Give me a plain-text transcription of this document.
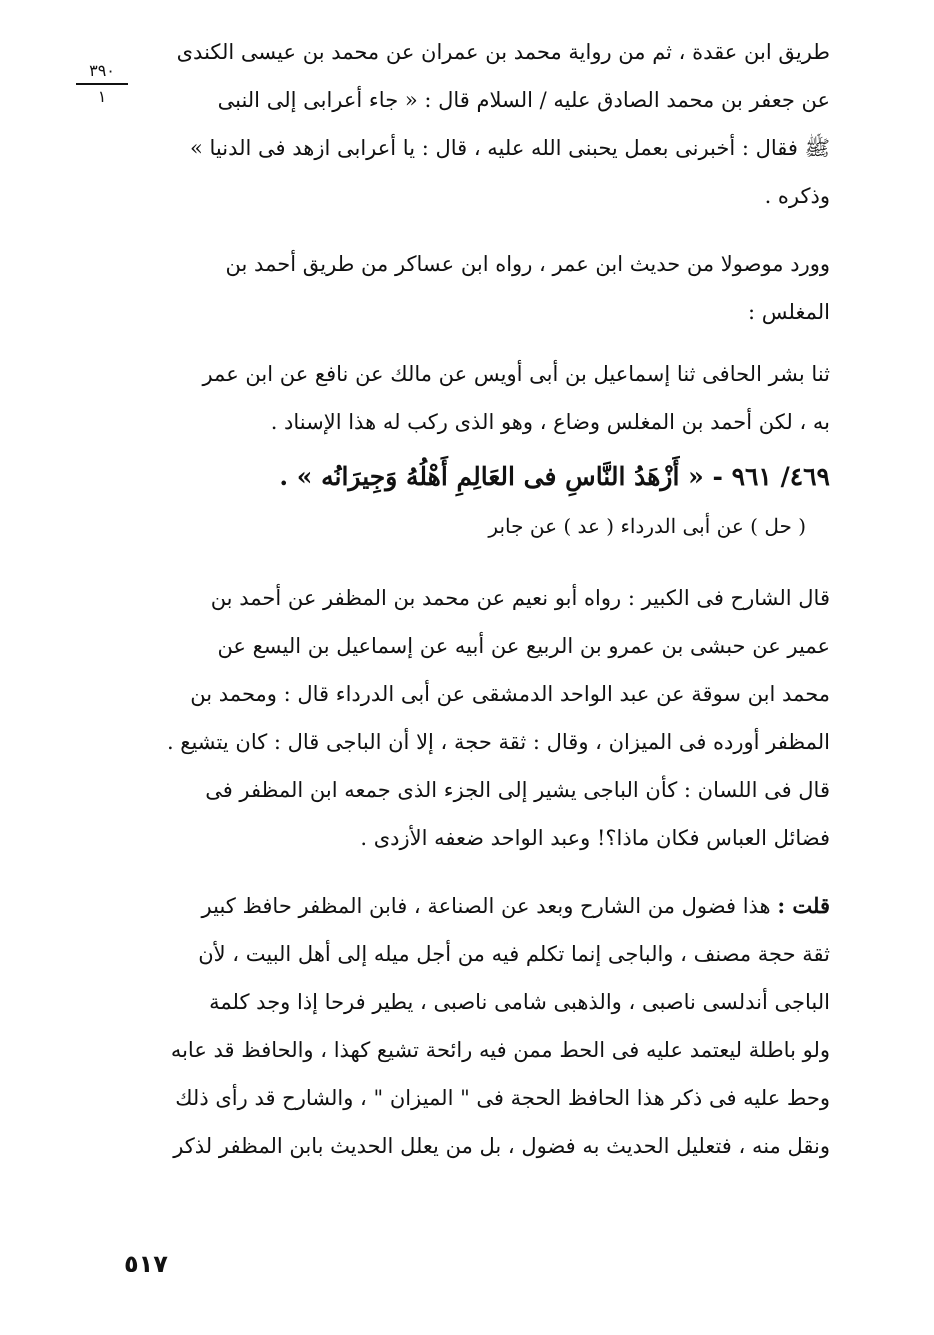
٣٩٠
١
طريق ابن عقدة ، ثم من رواية محمد بن عمران عن محمد بن عيسى الكندى
عن جعفر بن محمد الصادق عليه / السلام قال : « جاء أعرابى إلى النبى
ﷺ فقال : أخبرنى بعمل يحبنى الله عليه ، قال : يا أعرابى ازهد فى الدنيا »
وذكره .
وورد موصولا من حديث ابن عمر ، رواه ابن عساكر من طريق أحمد بن
المغلس :
ثنا بشر الحافى ثنا إسماعيل بن أبى أويس عن مالك عن نافع عن ابن عمر
به ، لكن أحمد بن المغلس وضاع ، وهو الذى ركب له هذا الإسناد .
٤٦٩/ ٩٦١ - « أَزْهَدُ النَّاسِ فى العَالِمِ أَهْلُهُ وَجِيرَانُه » .
( حل ) عن أبى الدرداء ( عد ) عن جابر
قال الشارح فى الكبير : رواه أبو نعيم عن محمد بن المظفر عن أحمد بن
عمير عن حبشى بن عمرو بن الربيع عن أبيه عن إسماعيل بن اليسع عن
محمد ابن سوقة عن عبد الواحد الدمشقى عن أبى الدرداء قال : ومحمد بن
المظفر أورده فى الميزان ، وقال : ثقة حجة ، إلا أن الباجى قال : كان يتشيع .
قال فى اللسان : كأن الباجى يشير إلى الجزء الذى جمعه ابن المظفر فى
فضائل العباس فكان ماذا؟! وعبد الواحد ضعفه الأزدى .
قلت : هذا فضول من الشارح وبعد عن الصناعة ، فابن المظفر حافظ كبير
ثقة حجة مصنف ، والباجى إنما تكلم فيه من أجل ميله إلى أهل البيت ، لأن
الباجى أندلسى ناصبى ، والذهبى شامى ناصبى ، يطير فرحا إذا وجد كلمة
ولو باطلة ليعتمد عليه فى الحط ممن فيه رائحة تشيع كهذا ، والحافظ قد عابه
وحط عليه فى ذكر هذا الحافظ الحجة فى " الميزان " ، والشارح قد رأى ذلك
ونقل منه ، فتعليل الحديث به فضول ، بل من يعلل الحديث بابن المظفر لذكر
٥١٧
